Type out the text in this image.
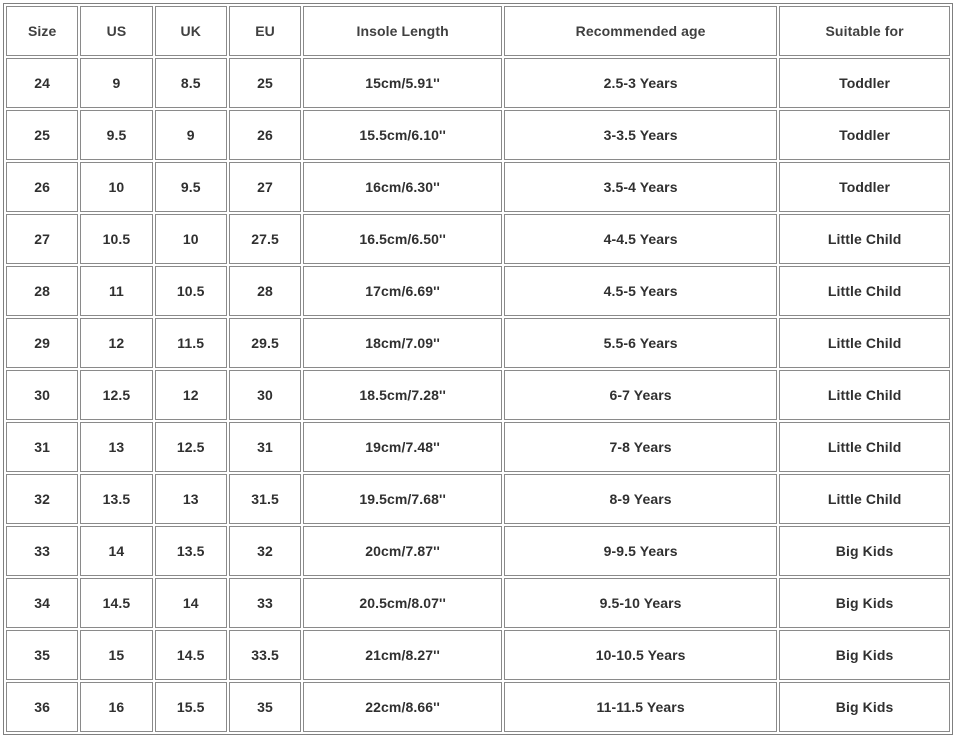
Size	US	UK	EU	Insole Length	Recommended age	Suitable for
24	9	8.5	25	15cm/5.91''	2.5-3 Years	Toddler
25	9.5	9	26	15.5cm/6.10''	3-3.5 Years	Toddler
26	10	9.5	27	16cm/6.30''	3.5-4 Years	Toddler
27	10.5	10	27.5	16.5cm/6.50''	4-4.5 Years	Little Child
28	11	10.5	28	17cm/6.69''	4.5-5 Years	Little Child
29	12	11.5	29.5	18cm/7.09''	5.5-6 Years	Little Child
30	12.5	12	30	18.5cm/7.28''	6-7 Years	Little Child
31	13	12.5	31	19cm/7.48''	7-8 Years	Little Child
32	13.5	13	31.5	19.5cm/7.68''	8-9 Years	Little Child
33	14	13.5	32	20cm/7.87''	9-9.5 Years	Big Kids
34	14.5	14	33	20.5cm/8.07''	9.5-10 Years	Big Kids
35	15	14.5	33.5	21cm/8.27''	10-10.5 Years	Big Kids
36	16	15.5	35	22cm/8.66''	11-11.5 Years	Big Kids
